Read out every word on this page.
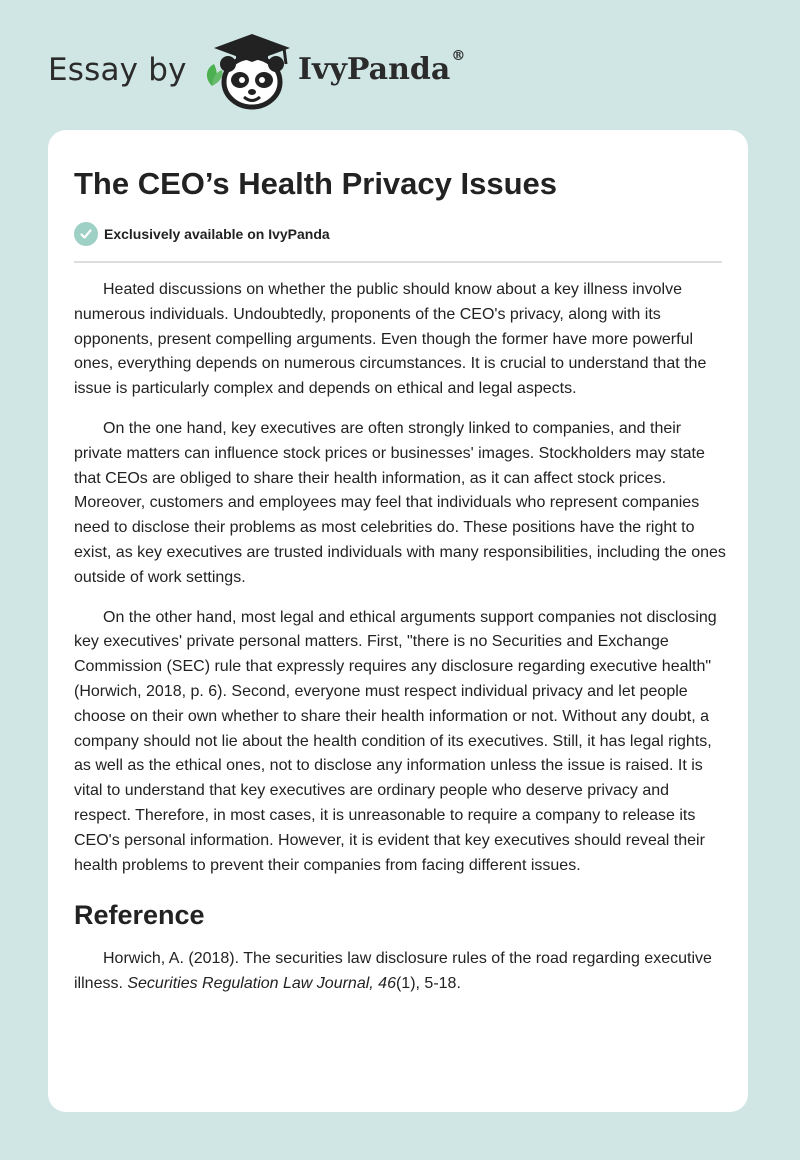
Essay by	IvyPanda®
The CEO’s Health Privacy Issues
Exclusively available on IvyPanda

Heated discussions on whether the public should know about a key illness involve numerous individuals. Undoubtedly, proponents of the CEO's privacy, along with its opponents, present compelling arguments. Even though the former have more powerful ones, everything depends on numerous circumstances. It is crucial to understand that the issue is particularly complex and depends on ethical and legal aspects.

On the one hand, key executives are often strongly linked to companies, and their private matters can influence stock prices or businesses' images. Stockholders may state that CEOs are obliged to share their health information, as it can affect stock prices. Moreover, customers and employees may feel that individuals who represent companies need to disclose their problems as most celebrities do. These positions have the right to exist, as key executives are trusted individuals with many responsibilities, including the ones outside of work settings.

On the other hand, most legal and ethical arguments support companies not disclosing key executives' private personal matters. First, "there is no Securities and Exchange Commission (SEC) rule that expressly requires any disclosure regarding executive health" (Horwich, 2018, p. 6). Second, everyone must respect individual privacy and let people choose on their own whether to share their health information or not. Without any doubt, a company should not lie about the health condition of its executives. Still, it has legal rights, as well as the ethical ones, not to disclose any information unless the issue is raised. It is vital to understand that key executives are ordinary people who deserve privacy and respect. Therefore, in most cases, it is unreasonable to require a company to release its CEO's personal information. However, it is evident that key executives should reveal their health problems to prevent their companies from facing different issues.

Reference

Horwich, A. (2018). The securities law disclosure rules of the road regarding executive illness. Securities Regulation Law Journal, 46(1), 5-18.
